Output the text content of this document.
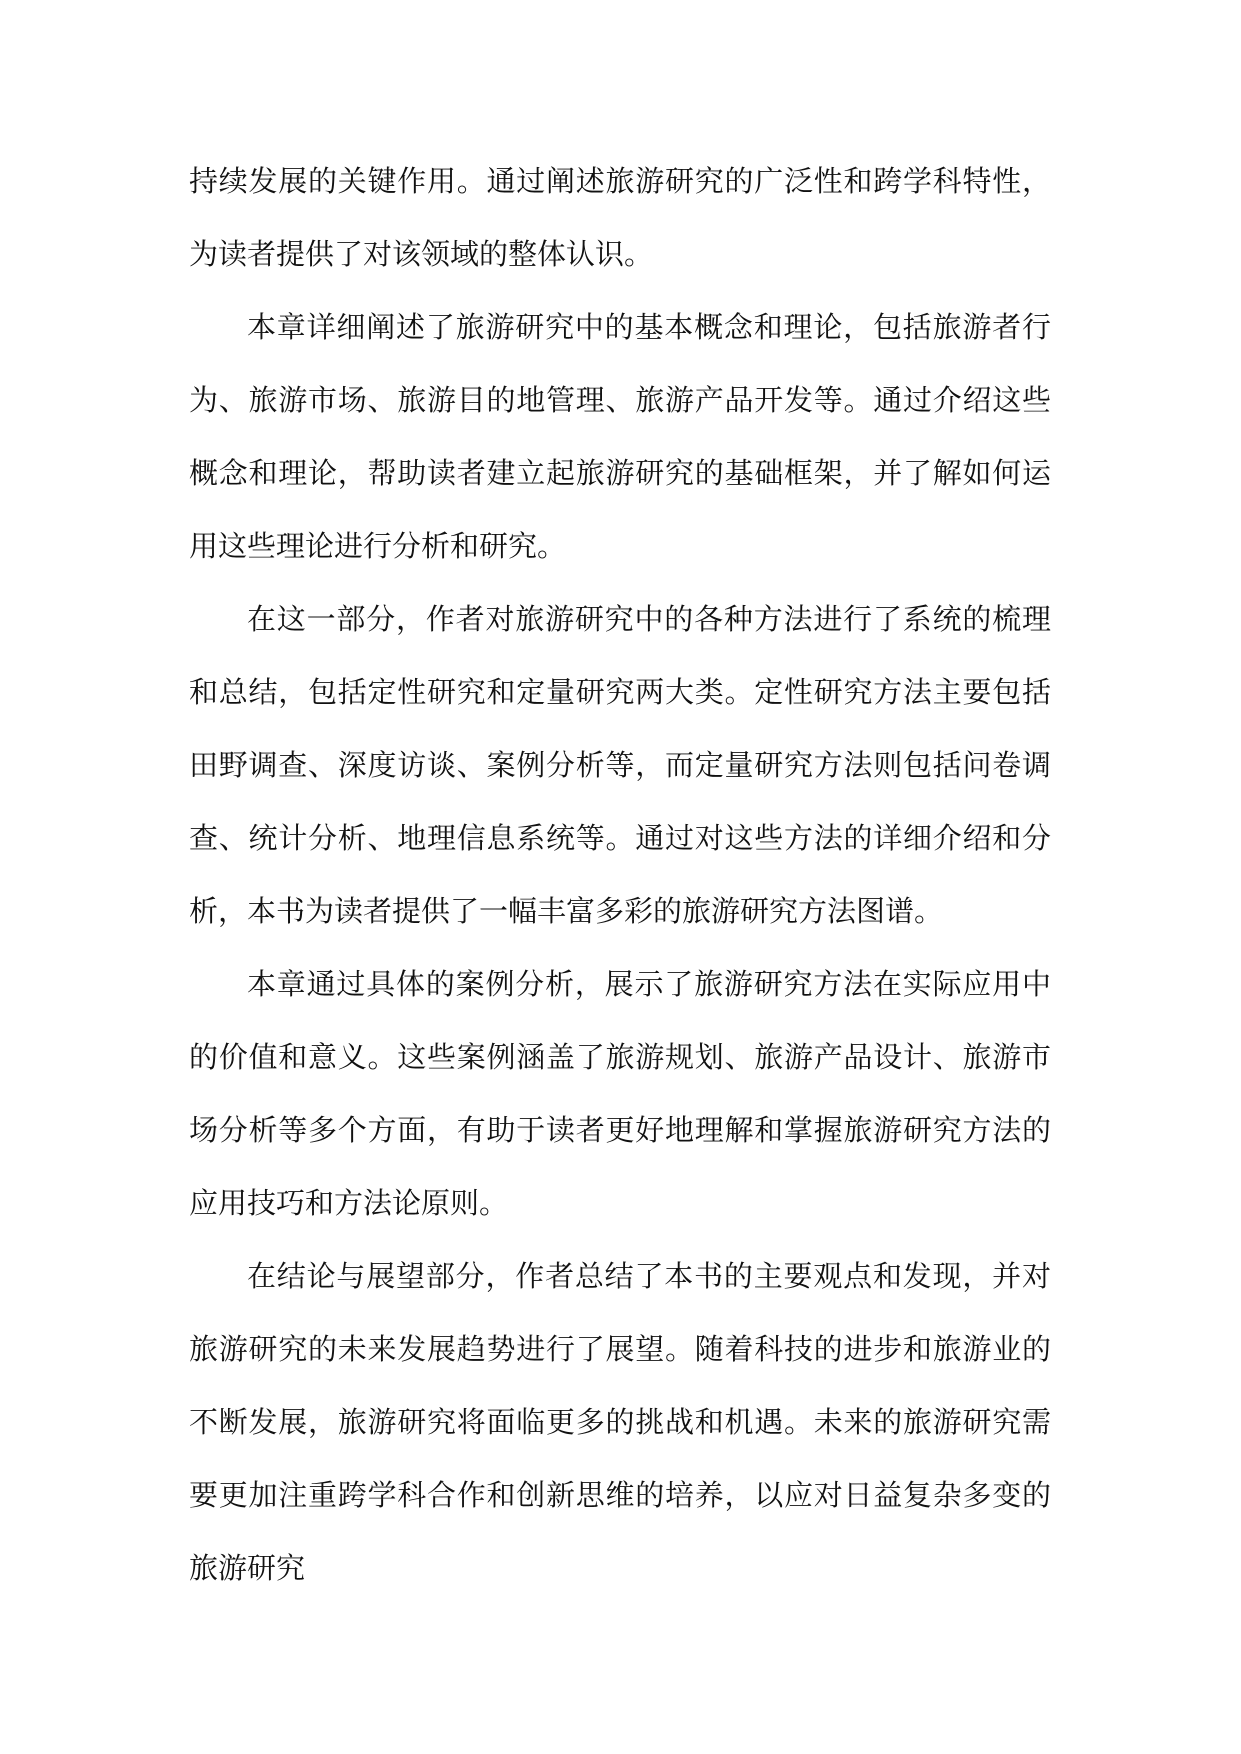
持续发展的关键作用。通过阐述旅游研究的广泛性和跨学科特性，为读者提供了对该领域的整体认识。

本章详细阐述了旅游研究中的基本概念和理论，包括旅游者行为、旅游市场、旅游目的地管理、旅游产品开发等。通过介绍这些概念和理论，帮助读者建立起旅游研究的基础框架，并了解如何运用这些理论进行分析和研究。

在这一部分，作者对旅游研究中的各种方法进行了系统的梳理和总结，包括定性研究和定量研究两大类。定性研究方法主要包括田野调查、深度访谈、案例分析等，而定量研究方法则包括问卷调查、统计分析、地理信息系统等。通过对这些方法的详细介绍和分析，本书为读者提供了一幅丰富多彩的旅游研究方法图谱。

本章通过具体的案例分析，展示了旅游研究方法在实际应用中的价值和意义。这些案例涵盖了旅游规划、旅游产品设计、旅游市场分析等多个方面，有助于读者更好地理解和掌握旅游研究方法的应用技巧和方法论原则。

在结论与展望部分，作者总结了本书的主要观点和发现，并对旅游研究的未来发展趋势进行了展望。随着科技的进步和旅游业的不断发展，旅游研究将面临更多的挑战和机遇。未来的旅游研究需要更加注重跨学科合作和创新思维的培养，以应对日益复杂多变的旅游研究
